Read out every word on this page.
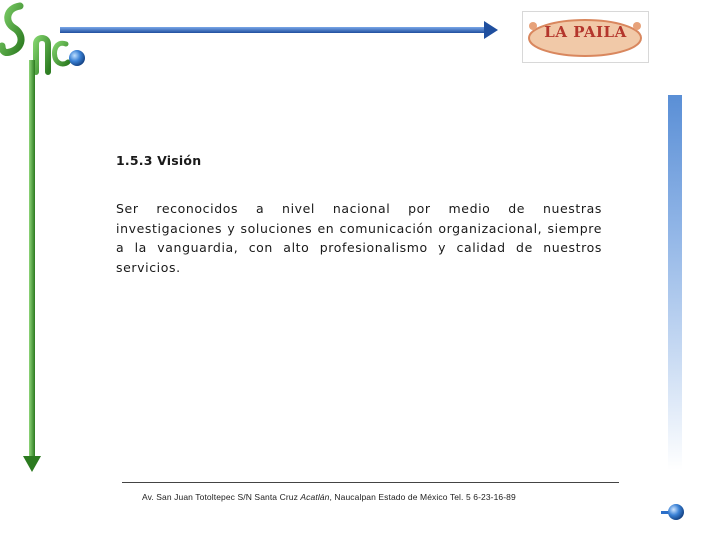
LA PAILA
1.5.3 Visión
Ser reconocidos a nivel nacional por medio de nuestras investigaciones y soluciones en comunicación organizacional, siempre a la vanguardia, con alto profesionalismo y calidad de nuestros servicios.
Av. San Juan Totoltepec S/N Santa Cruz Acatlán, Naucalpan Estado de México Tel. 5 6-23-16-89
